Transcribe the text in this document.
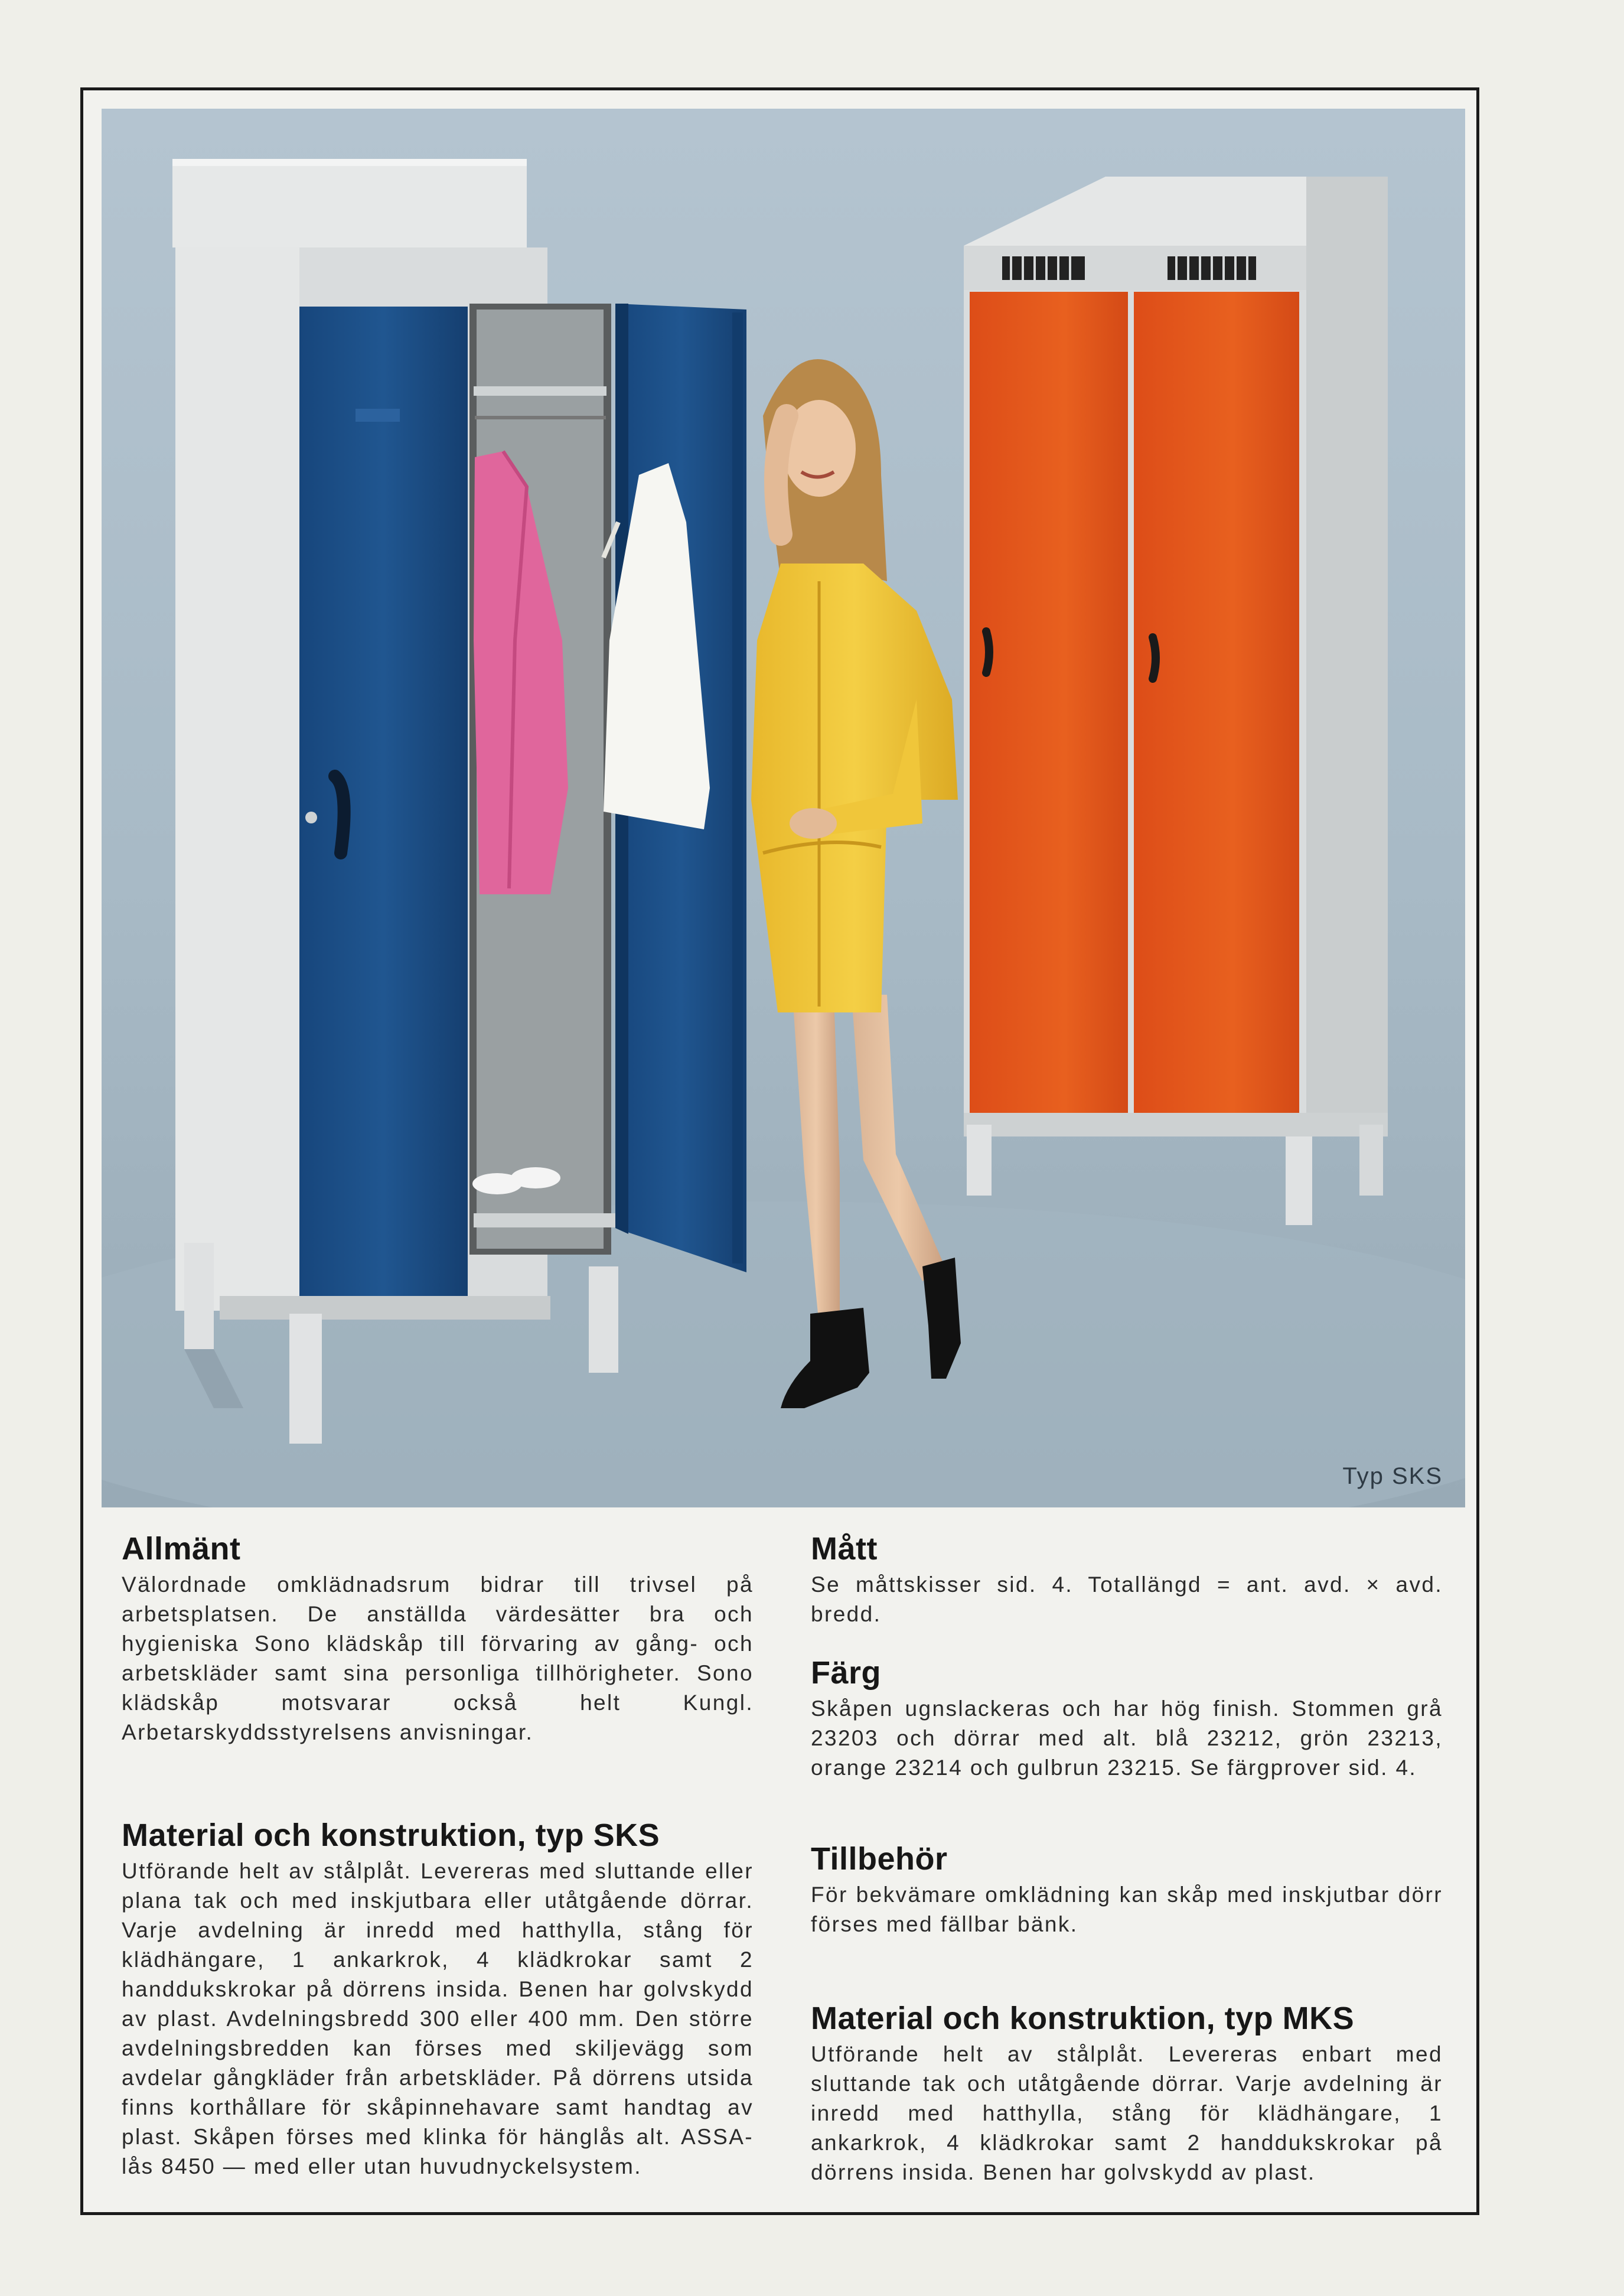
Typ SKS
Allmänt

Välordnade omklädnadsrum bidrar till trivsel på arbetsplatsen. De anställda värdesätter bra och hygieniska Sono klädskåp till förvaring av gång- och arbetskläder samt sina personliga tillhörigheter. Sono klädskåp motsvarar också helt Kungl. Arbetarskyddsstyrelsens anvisningar.

Material och konstruktion, typ SKS

Utförande helt av stålplåt. Levereras med sluttande eller plana tak och med inskjutbara eller utåtgående dörrar. Varje avdelning är inredd med hatthylla, stång för klädhängare, 1 ankarkrok, 4 klädkrokar samt 2 handdukskrokar på dörrens insida. Benen har golvskydd av plast. Avdelningsbredd 300 eller 400 mm. Den större avdelningsbredden kan förses med skiljevägg som avdelar gångkläder från arbetskläder. På dörrens utsida finns korthållare för skåpinnehavare samt handtag av plast. Skåpen förses med klinka för hänglås alt. ASSA-lås 8450 — med eller utan huvudnyckelsystem.

Mått

Se måttskisser sid. 4. Totallängd = ant. avd. × avd. bredd.

Färg

Skåpen ugnslackeras och har hög finish. Stommen grå 23203 och dörrar med alt. blå 23212, grön 23213, orange 23214 och gulbrun 23215. Se färgprover sid. 4.

Tillbehör

För bekvämare omklädning kan skåp med inskjutbar dörr förses med fällbar bänk.

Material och konstruktion, typ MKS

Utförande helt av stålplåt. Levereras enbart med sluttande tak och utåtgående dörrar. Varje avdelning är inredd med hatthylla, stång för klädhängare, 1 ankarkrok, 4 klädkrokar samt 2 handdukskrokar på dörrens insida. Benen har golvskydd av plast.
